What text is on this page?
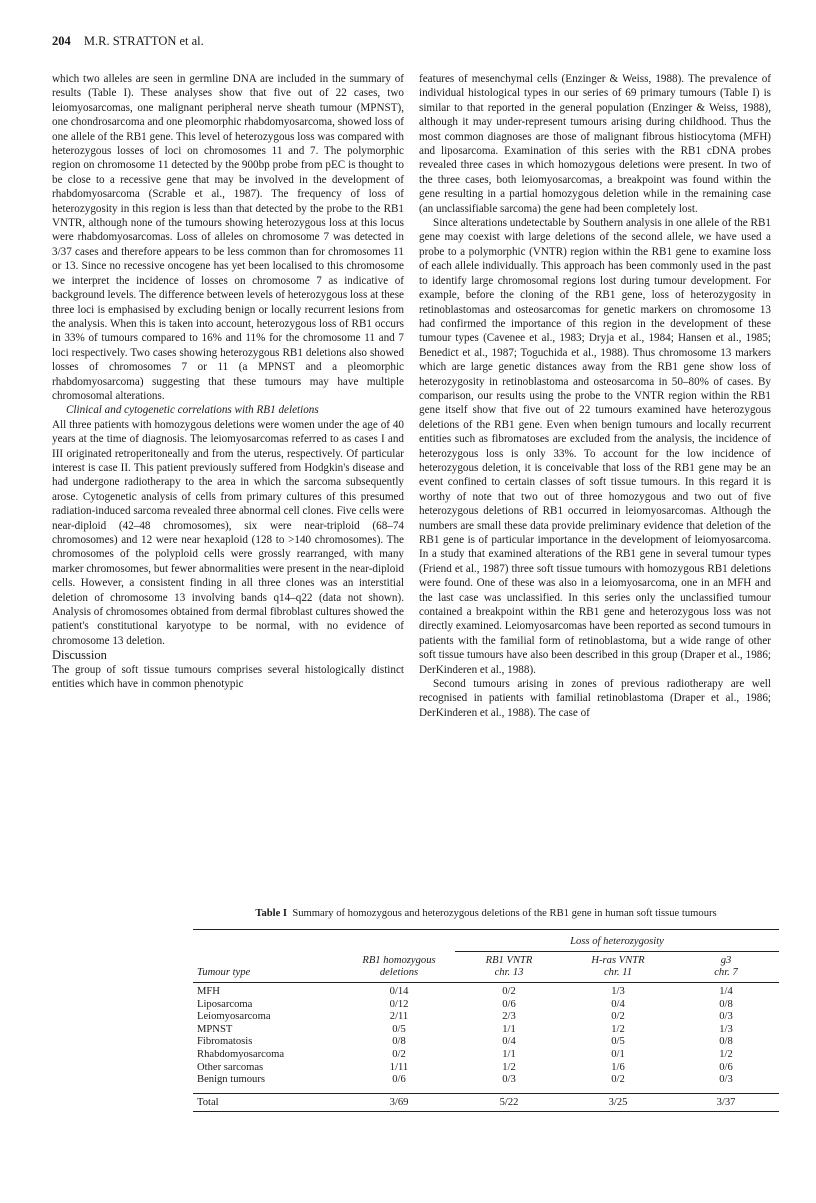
204 M.R. STRATTON et al.

which two alleles are seen in germline DNA are included in the summary of results (Table I). These analyses show that five out of 22 cases, two leiomyosarcomas, one malignant peripheral nerve sheath tumour (MPNST), one chondrosarcoma and one pleomorphic rhabdomyosarcoma, showed loss of one allele of the RB1 gene. This level of heterozygous loss was compared with heterozygous losses of loci on chromosomes 11 and 7. The polymorphic region on chromosome 11 detected by the 900bp probe from pEC is thought to be close to a recessive gene that may be involved in the development of rhabdomyosarcoma (Scrable et al., 1987). The frequency of loss of heterozygosity in this region is less than that detected by the probe to the RB1 VNTR, although none of the tumours showing heterozygous loss at this locus were rhabdomyosarcomas. Loss of alleles on chromosome 7 was detected in 3/37 cases and therefore appears to be less common than for chromosomes 11 or 13. Since no recessive oncogene has yet been localised to this chromosome we interpret the incidence of losses on chromosome 7 as indicative of background levels. The difference between levels of heterozygous loss at these three loci is emphasised by excluding benign or locally recurrent lesions from the analysis. When this is taken into account, heterozygous loss of RB1 occurs in 33% of tumours compared to 16% and 11% for the chromosome 11 and 7 loci respectively. Two cases showing heterozygous RB1 deletions also showed losses of chromosomes 7 or 11 (a MPNST and a pleomorphic rhabdomyosarcoma) suggesting that these tumours may have multiple chromosomal alterations.

Clinical and cytogenetic correlations with RB1 deletions

All three patients with homozygous deletions were women under the age of 40 years at the time of diagnosis. The leiomyosarcomas referred to as cases I and III originated retroperitoneally and from the uterus, respectively. Of particular interest is case II. This patient previously suffered from Hodgkin's disease and had undergone radiotherapy to the area in which the sarcoma subsequently arose. Cytogenetic analysis of cells from primary cultures of this presumed radiation-induced sarcoma revealed three abnormal cell clones. Five cells were near-diploid (42–48 chromosomes), six were near-triploid (68–74 chromosomes) and 12 were near hexaploid (128 to >140 chromosomes). The chromosomes of the polyploid cells were grossly rearranged, with many marker chromosomes, but fewer abnormalities were present in the near-diploid cells. However, a consistent finding in all three clones was an interstitial deletion of chromosome 13 involving bands q14–q22 (data not shown). Analysis of chromosomes obtained from dermal fibroblast cultures showed the patient's constitutional karyotype to be normal, with no evidence of chromosome 13 deletion.

Discussion

The group of soft tissue tumours comprises several histologically distinct entities which have in common phenotypic

features of mesenchymal cells (Enzinger & Weiss, 1988). The prevalence of individual histological types in our series of 69 primary tumours (Table I) is similar to that reported in the general population (Enzinger & Weiss, 1988), although it may under-represent tumours arising during childhood. Thus the most common diagnoses are those of malignant fibrous histiocytoma (MFH) and liposarcoma. Examination of this series with the RB1 cDNA probes revealed three cases in which homozygous deletions were present. In two of the three cases, both leiomyosarcomas, a breakpoint was found within the gene resulting in a partial homozygous deletion while in the remaining case (an unclassifiable sarcoma) the gene had been completely lost.

Since alterations undetectable by Southern analysis in one allele of the RB1 gene may coexist with large deletions of the second allele, we have used a probe to a polymorphic (VNTR) region within the RB1 gene to examine loss of each allele individually. This approach has been commonly used in the past to identify large chromosomal regions lost during tumour development. For example, before the cloning of the RB1 gene, loss of heterozygosity in retinoblastomas and osteosarcomas for genetic markers on chromosome 13 had confirmed the importance of this region in the development of these tumour types (Cavenee et al., 1983; Dryja et al., 1984; Hansen et al., 1985; Benedict et al., 1987; Toguchida et al., 1988). Thus chromosome 13 markers which are large genetic distances away from the RB1 gene show loss of heterozygosity in retinoblastoma and osteosarcoma in 50–80% of cases. By comparison, our results using the probe to the VNTR region within the RB1 gene itself show that five out of 22 tumours examined have heterozygous deletions of the RB1 gene. Even when benign tumours and locally recurrent entities such as fibromatoses are excluded from the analysis, the incidence of heterozygous loss is only 33%. To account for the low incidence of heterozygous deletion, it is conceivable that loss of the RB1 gene may be an event confined to certain classes of soft tissue tumours. In this regard it is worthy of note that two out of three homozygous and two out of five heterozygous deletions of RB1 occurred in leiomyosarcomas. Although the numbers are small these data provide preliminary evidence that deletion of the RB1 gene is of particular importance in the development of leiomyosarcoma. In a study that examined alterations of the RB1 gene in several tumour types (Friend et al., 1987) three soft tissue tumours with homozygous RB1 deletions were found. One of these was also in a leiomyosarcoma, one in an MFH and the last case was unclassified. In this series only the unclassified tumour contained a breakpoint within the RB1 gene and heterozygous loss was not directly examined. Leiomyosarcomas have been reported as second tumours in patients with the familial form of retinoblastoma, but a wide range of other soft tissue tumours have also been described in this group (Draper et al., 1986; DerKinderen et al., 1988).

Second tumours arising in zones of previous radiotherapy are well recognised in patients with familial retinoblastoma (Draper et al., 1986; DerKinderen et al., 1988). The case of

Table I Summary of homozygous and heterozygous deletions of the RB1 gene in human soft tissue tumours

		Loss of heterozygosity		

	RB1 homozygous	RB1 VNTR	H-ras VNTR	g3
Tumour type	deletions	chr. 13	chr. 11	chr. 7
MFH	0/14	0/2	1/3	1/4
Liposarcoma	0/12	0/6	0/4	0/8
Leiomyosarcoma	2/11	2/3	0/2	0/3
MPNST	0/5	1/1	1/2	1/3
Fibromatosis	0/8	0/4	0/5	0/8
Rhabdomyosarcoma	0/2	1/1	0/1	1/2
Other sarcomas	1/11	1/2	1/6	0/6
Benign tumours	0/6	0/3	0/2	0/3

Total	3/69	5/22	3/25	3/37
